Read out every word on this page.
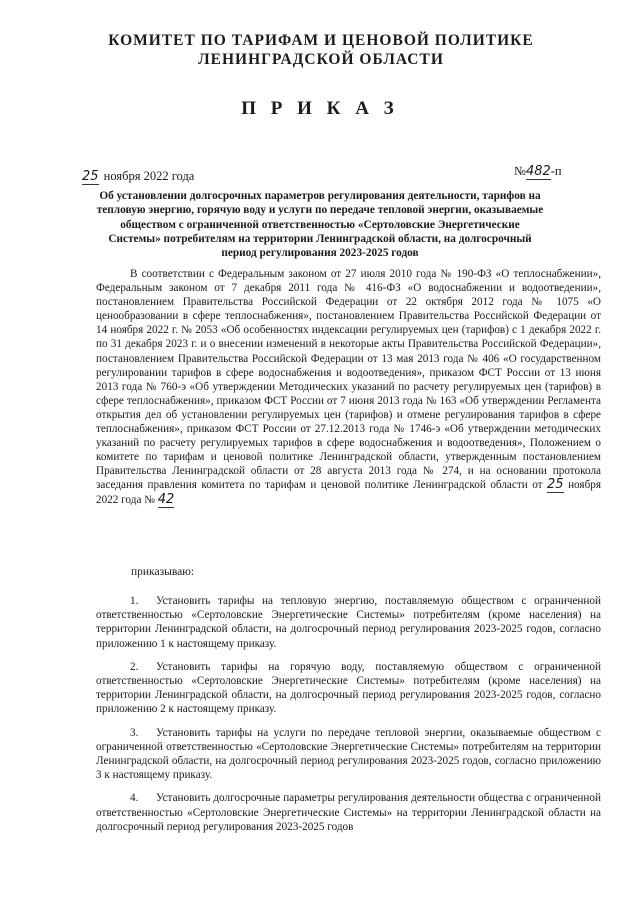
КОМИТЕТ ПО ТАРИФАМ И ЦЕНОВОЙ ПОЛИТИКЕ
ЛЕНИНГРАДСКОЙ ОБЛАСТИ
П Р И К А З
25 ноября 2022 года	№482-п

Об установлении долгосрочных параметров регулирования деятельности, тарифов на тепловую энергию, горячую воду и услуги по передаче тепловой энергии, оказываемые обществом с ограниченной ответственностью «Сертоловские Энергетические Системы» потребителям на территории Ленинградской области, на долгосрочный период регулирования 2023-2025 годов

В соответствии с Федеральным законом от 27 июля 2010 года № 190-ФЗ «О теплоснабжении», Федеральным законом от 7 декабря 2011 года № 416-ФЗ «О водоснабжении и водоотведении», постановлением Правительства Российской Федерации от 22 октября 2012 года № 1075 «О ценообразовании в сфере теплоснабжения», постановлением Правительства Российской Федерации от 14 ноября 2022 г. № 2053 «Об особенностях индексации регулируемых цен (тарифов) с 1 декабря 2022 г. по 31 декабря 2023 г. и о внесении изменений в некоторые акты Правительства Российской Федерации», постановлением Правительства Российской Федерации от 13 мая 2013 года № 406 «О государственном регулировании тарифов в сфере водоснабжения и водоотведения», приказом ФСТ России от 13 июня 2013 года № 760-э «Об утверждении Методических указаний по расчету регулируемых цен (тарифов) в сфере теплоснабжения», приказом ФСТ России от 7 июня 2013 года № 163 «Об утверждении Регламента открытия дел об установлении регулируемых цен (тарифов) и отмене регулирования тарифов в сфере теплоснабжения», приказом ФСТ России от 27.12.2013 года № 1746-э «Об утверждении методических указаний по расчету регулируемых тарифов в сфере водоснабжения и водоотведения», Положением о комитете по тарифам и ценовой политике Ленинградской области, утвержденным постановлением Правительства Ленинградской области от 28 августа 2013 года № 274, и на основании протокола заседания правления комитета по тарифам и ценовой политике Ленинградской области от 25 ноября 2022 года № 42

приказываю:
1. Установить тарифы на тепловую энергию, поставляемую обществом с ограниченной ответственностью «Сертоловские Энергетические Системы» потребителям (кроме населения) на территории Ленинградской области, на долгосрочный период регулирования 2023-2025 годов, согласно приложению 1 к настоящему приказу.
2. Установить тарифы на горячую воду, поставляемую обществом с ограниченной ответственностью «Сертоловские Энергетические Системы» потребителям (кроме населения) на территории Ленинградской области, на долгосрочный период регулирования 2023-2025 годов, согласно приложению 2 к настоящему приказу.
3. Установить тарифы на услуги по передаче тепловой энергии, оказываемые обществом с ограниченной ответственностью «Сертоловские Энергетические Системы» потребителям на территории Ленинградской области, на долгосрочный период регулирования 2023-2025 годов, согласно приложению 3 к настоящему приказу.
4. Установить долгосрочные параметры регулирования деятельности общества с ограниченной ответственностью «Сертоловские Энергетические Системы» на территории Ленинградской области на долгосрочный период регулирования 2023-2025 годов
